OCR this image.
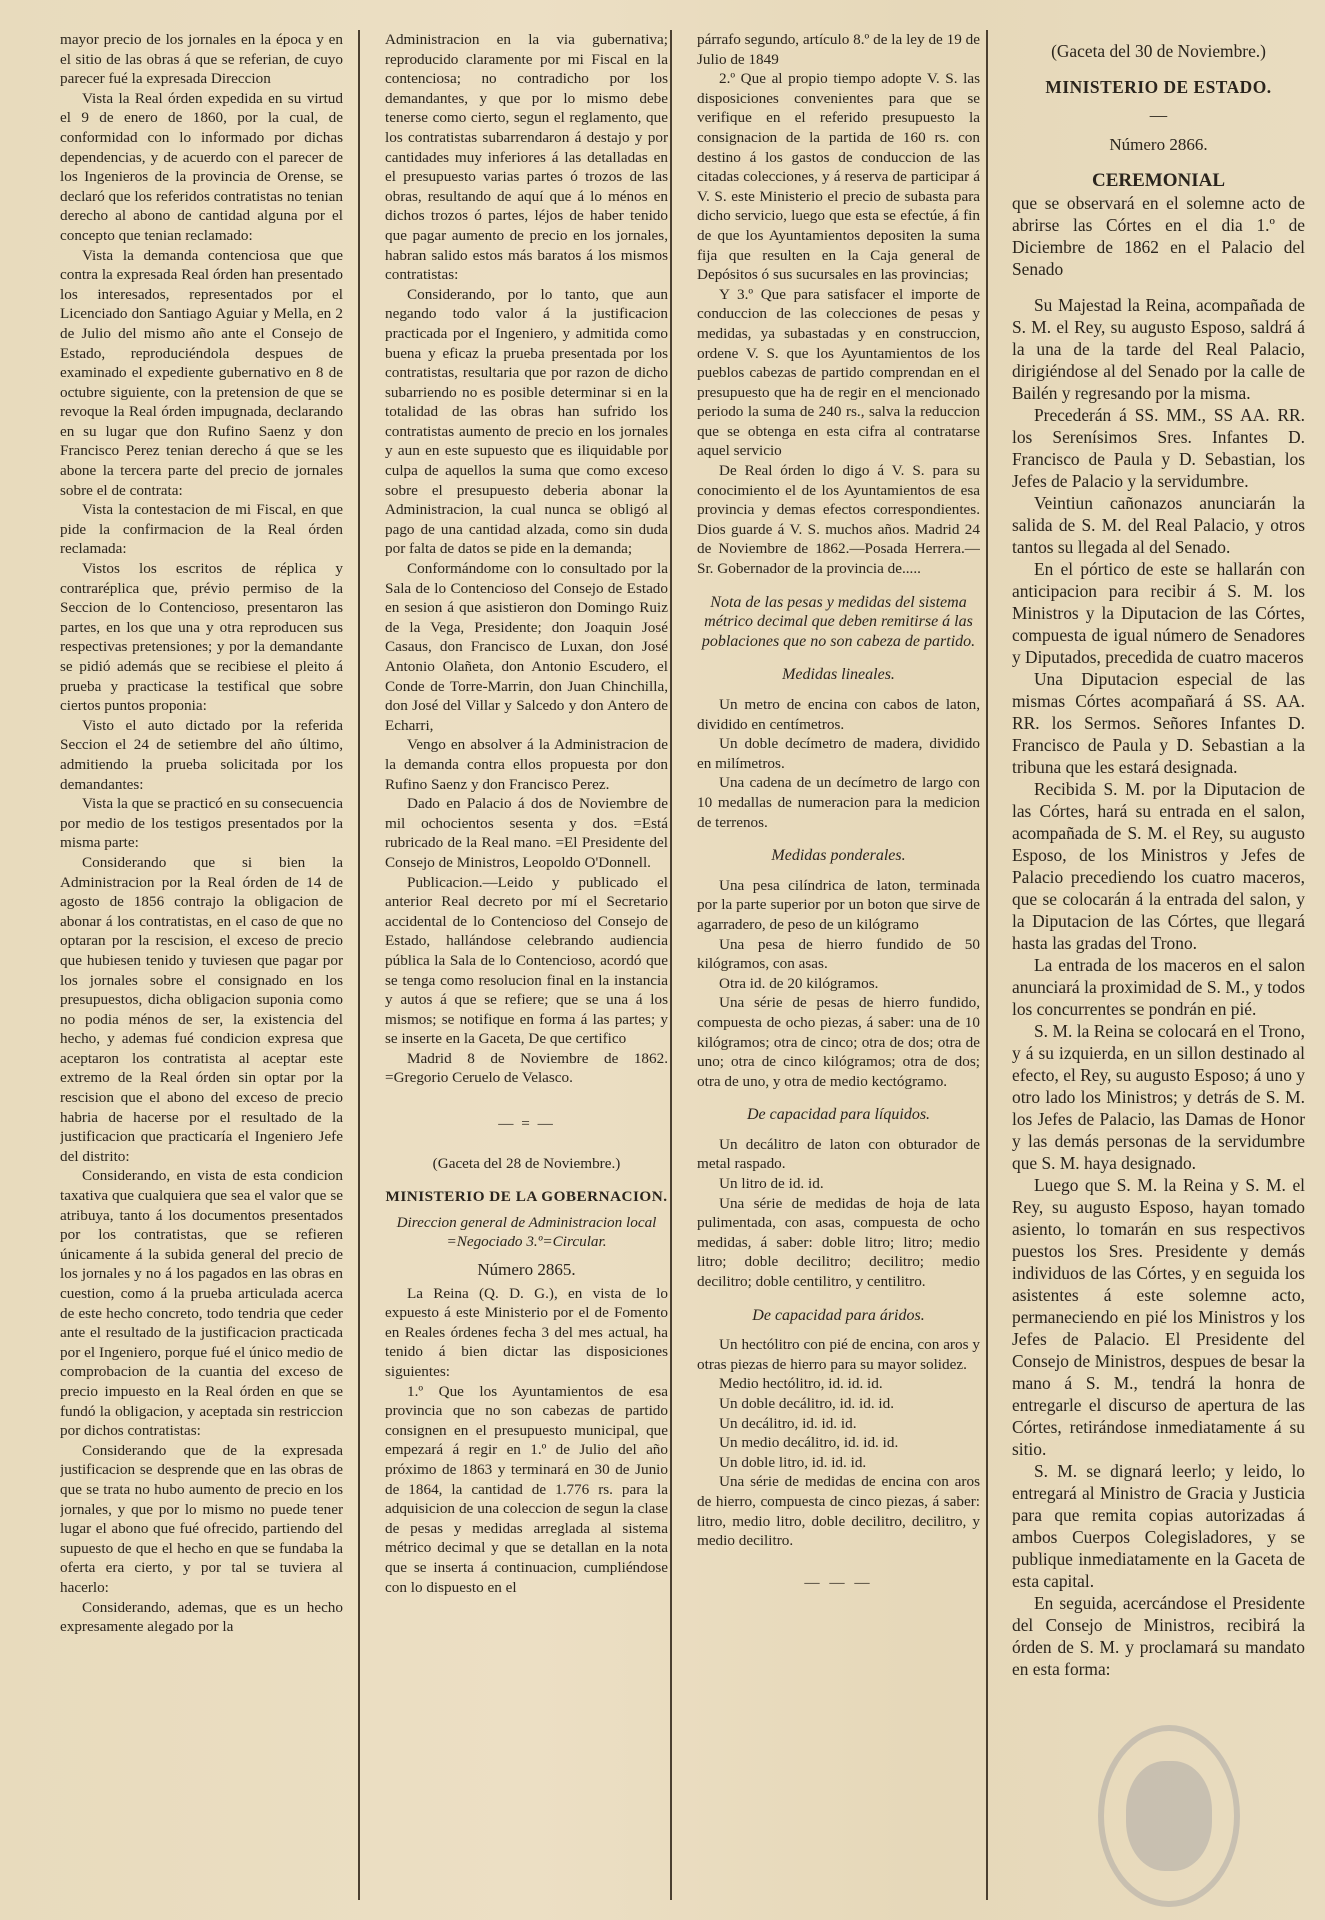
mayor precio de los jornales en la época y en el sitio de las obras á que se referian, de cuyo parecer fué la expresada Direccion

Vista la Real órden expedida en su virtud el 9 de enero de 1860, por la cual, de conformidad con lo informado por dichas dependencias, y de acuerdo con el parecer de los Ingenieros de la provincia de Orense, se declaró que los referidos contratistas no tenian derecho al abono de cantidad alguna por el concepto que tenian reclamado:

Vista la demanda contenciosa que que contra la expresada Real órden han presentado los interesados, representados por el Licenciado don Santiago Aguiar y Mella, en 2 de Julio del mismo año ante el Consejo de Estado, reproduciéndola despues de examinado el expediente gubernativo en 8 de octubre siguiente, con la pretension de que se revoque la Real órden impugnada, declarando en su lugar que don Rufino Saenz y don Francisco Perez tenian derecho á que se les abone la tercera parte del precio de jornales sobre el de contrata:

Vista la contestacion de mi Fiscal, en que pide la confirmacion de la Real órden reclamada:

Vistos los escritos de réplica y contraréplica que, prévio permiso de la Seccion de lo Contencioso, presentaron las partes, en los que una y otra reproducen sus respectivas pretensiones; y por la demandante se pidió además que se recibiese el pleito á prueba y practicase la testifical que sobre ciertos puntos proponia:

Visto el auto dictado por la referida Seccion el 24 de setiembre del año último, admitiendo la prueba solicitada por los demandantes:

Vista la que se practicó en su consecuencia por medio de los testigos presentados por la misma parte:

Considerando que si bien la Administracion por la Real órden de 14 de agosto de 1856 contrajo la obligacion de abonar á los contratistas, en el caso de que no optaran por la rescision, el exceso de precio que hubiesen tenido y tuviesen que pagar por los jornales sobre el consignado en los presupuestos, dicha obligacion suponia como no podia ménos de ser, la existencia del hecho, y ademas fué condicion expresa que aceptaron los contratista al aceptar este extremo de la Real órden sin optar por la rescision que el abono del exceso de precio habria de hacerse por el resultado de la justificacion que practicaría el Ingeniero Jefe del distrito:

Considerando, en vista de esta condicion taxativa que cualquiera que sea el valor que se atribuya, tanto á los documentos presentados por los contratistas, que se refieren únicamente á la subida general del precio de los jornales y no á los pagados en las obras en cuestion, como á la prueba articulada acerca de este hecho concreto, todo tendria que ceder ante el resultado de la justificacion practicada por el Ingeniero, porque fué el único medio de comprobacion de la cuantia del exceso de precio impuesto en la Real órden en que se fundó la obligacion, y aceptada sin restriccion por dichos contratistas:

Considerando que de la expresada justificacion se desprende que en las obras de que se trata no hubo aumento de precio en los jornales, y que por lo mismo no puede tener lugar el abono que fué ofrecido, partiendo del supuesto de que el hecho en que se fundaba la oferta era cierto, y por tal se tuviera al hacerlo:

Considerando, ademas, que es un hecho expresamente alegado por la

Administracion en la via gubernativa; reproducido claramente por mi Fiscal en la contenciosa; no contradicho por los demandantes, y que por lo mismo debe tenerse como cierto, segun el reglamento, que los contratistas subarrendaron á destajo y por cantidades muy inferiores á las detalladas en el presupuesto varias partes ó trozos de las obras, resultando de aquí que á lo ménos en dichos trozos ó partes, léjos de haber tenido que pagar aumento de precio en los jornales, habran salido estos más baratos á los mismos contratistas:

Considerando, por lo tanto, que aun negando todo valor á la justificacion practicada por el Ingeniero, y admitida como buena y eficaz la prueba presentada por los contratistas, resultaria que por razon de dicho subarriendo no es posible determinar si en la totalidad de las obras han sufrido los contratistas aumento de precio en los jornales y aun en este supuesto que es iliquidable por culpa de aquellos la suma que como exceso sobre el presupuesto deberia abonar la Administracion, la cual nunca se obligó al pago de una cantidad alzada, como sin duda por falta de datos se pide en la demanda;

Conformándome con lo consultado por la Sala de lo Contencioso del Consejo de Estado en sesion á que asistieron don Domingo Ruiz de la Vega, Presidente; don Joaquin José Casaus, don Francisco de Luxan, don José Antonio Olañeta, don Antonio Escudero, el Conde de Torre-Marrin, don Juan Chinchilla, don José del Villar y Salcedo y don Antero de Echarri,

Vengo en absolver á la Administracion de la demanda contra ellos propuesta por don Rufino Saenz y don Francisco Perez.

Dado en Palacio á dos de Noviembre de mil ochocientos sesenta y dos. =Está rubricado de la Real mano. =El Presidente del Consejo de Ministros, Leopoldo O'Donnell.

Publicacion.—Leido y publicado el anterior Real decreto por mí el Secretario accidental de lo Contencioso del Consejo de Estado, hallándose celebrando audiencia pública la Sala de lo Contencioso, acordó que se tenga como resolucion final en la instancia y autos á que se refiere; que se una á los mismos; se notifique en forma á las partes; y se inserte en la Gaceta, De que certifico

Madrid 8 de Noviembre de 1862. =Gregorio Ceruelo de Velasco.

— = —

(Gaceta del 28 de Noviembre.)

MINISTERIO DE LA GOBERNACION.

Direccion general de Administracion local =Negociado 3.º=Circular.

Número 2865.

La Reina (Q. D. G.), en vista de lo expuesto á este Ministerio por el de Fomento en Reales órdenes fecha 3 del mes actual, ha tenido á bien dictar las disposiciones siguientes:

1.º Que los Ayuntamientos de esa provincia que no son cabezas de partido consignen en el presupuesto municipal, que empezará á regir en 1.º de Julio del año próximo de 1863 y terminará en 30 de Junio de 1864, la cantidad de 1.776 rs. para la adquisicion de una coleccion de segun la clase de pesas y medidas arreglada al sistema métrico decimal y que se detallan en la nota que se inserta á continuacion, cumpliéndose con lo dispuesto en el

párrafo segundo, artículo 8.º de la ley de 19 de Julio de 1849

2.º Que al propio tiempo adopte V. S. las disposiciones convenientes para que se verifique en el referido presupuesto la consignacion de la partida de 160 rs. con destino á los gastos de conduccion de las citadas colecciones, y á reserva de participar á V. S. este Ministerio el precio de subasta para dicho servicio, luego que esta se efectúe, á fin de que los Ayuntamientos depositen la suma fija que resulten en la Caja general de Depósitos ó sus sucursales en las provincias;

Y 3.º Que para satisfacer el importe de conduccion de las colecciones de pesas y medidas, ya subastadas y en construccion, ordene V. S. que los Ayuntamientos de los pueblos cabezas de partido comprendan en el presupuesto que ha de regir en el mencionado periodo la suma de 240 rs., salva la reduccion que se obtenga en esta cifra al contratarse aquel servicio

De Real órden lo digo á V. S. para su conocimiento el de los Ayuntamientos de esa provincia y demas efectos correspondientes. Dios guarde á V. S. muchos años. Madrid 24 de Noviembre de 1862.—Posada Herrera.—Sr. Gobernador de la provincia de.....

Nota de las pesas y medidas del sistema métrico decimal que deben remitirse á las poblaciones que no son cabeza de partido.

Medidas lineales.

Un metro de encina con cabos de laton, dividido en centímetros.

Un doble decímetro de madera, dividido en milímetros.

Una cadena de un decímetro de largo con 10 medallas de numeracion para la medicion de terrenos.

Medidas ponderales.

Una pesa cilíndrica de laton, terminada por la parte superior por un boton que sirve de agarradero, de peso de un kilógramo

Una pesa de hierro fundido de 50 kilógramos, con asas.

Otra id. de 20 kilógramos.

Una série de pesas de hierro fundido, compuesta de ocho piezas, á saber: una de 10 kilógramos; otra de cinco; otra de dos; otra de uno; otra de cinco kilógramos; otra de dos; otra de uno, y otra de medio kectógramo.

De capacidad para líquidos.

Un decálitro de laton con obturador de metal raspado.

Un litro de id. id.

Una série de medidas de hoja de lata pulimentada, con asas, compuesta de ocho medidas, á saber: doble litro; litro; medio litro; doble decilitro; decilitro; medio decilitro; doble centilitro, y centilitro.

De capacidad para áridos.

Un hectólitro con pié de encina, con aros y otras piezas de hierro para su mayor solidez.

Medio hectólitro, id. id. id.

Un doble decálitro, id. id. id.

Un decálitro, id. id. id.

Un medio decálitro, id. id. id.

Un doble litro, id. id. id.

Una série de medidas de encina con aros de hierro, compuesta de cinco piezas, á saber: litro, medio litro, doble decilitro, decilitro, y medio decilitro.

— — —

(Gaceta del 30 de Noviembre.)

MINISTERIO DE ESTADO.

—

Número 2866.

CEREMONIAL

que se observará en el solemne acto de abrirse las Córtes en el dia 1.º de Diciembre de 1862 en el Palacio del Senado

Su Majestad la Reina, acompañada de S. M. el Rey, su augusto Esposo, saldrá á la una de la tarde del Real Palacio, dirigiéndose al del Senado por la calle de Bailén y regresando por la misma.

Precederán á SS. MM., SS AA. RR. los Serenísimos Sres. Infantes D. Francisco de Paula y D. Sebastian, los Jefes de Palacio y la servidumbre.

Veintiun cañonazos anunciarán la salida de S. M. del Real Palacio, y otros tantos su llegada al del Senado.

En el pórtico de este se hallarán con anticipacion para recibir á S. M. los Ministros y la Diputacion de las Córtes, compuesta de igual número de Senadores y Diputados, precedida de cuatro maceros

Una Diputacion especial de las mismas Córtes acompañará á SS. AA. RR. los Sermos. Señores Infantes D. Francisco de Paula y D. Sebastian a la tribuna que les estará designada.

Recibida S. M. por la Diputacion de las Córtes, hará su entrada en el salon, acompañada de S. M. el Rey, su augusto Esposo, de los Ministros y Jefes de Palacio precediendo los cuatro maceros, que se colocarán á la entrada del salon, y la Diputacion de las Córtes, que llegará hasta las gradas del Trono.

La entrada de los maceros en el salon anunciará la proximidad de S. M., y todos los concurrentes se pondrán en pié.

S. M. la Reina se colocará en el Trono, y á su izquierda, en un sillon destinado al efecto, el Rey, su augusto Esposo; á uno y otro lado los Ministros; y detrás de S. M. los Jefes de Palacio, las Damas de Honor y las demás personas de la servidumbre que S. M. haya designado.

Luego que S. M. la Reina y S. M. el Rey, su augusto Esposo, hayan tomado asiento, lo tomarán en sus respectivos puestos los Sres. Presidente y demás individuos de las Córtes, y en seguida los asistentes á este solemne acto, permaneciendo en pié los Ministros y los Jefes de Palacio. El Presidente del Consejo de Ministros, despues de besar la mano á S. M., tendrá la honra de entregarle el discurso de apertura de las Córtes, retirándose inmediatamente á su sitio.

S. M. se dignará leerlo; y leido, lo entregará al Ministro de Gracia y Justicia para que remita copias autorizadas á ambos Cuerpos Colegisladores, y se publique inmediatamente en la Gaceta de esta capital.

En seguida, acercándose el Presidente del Consejo de Ministros, recibirá la órden de S. M. y proclamará su mandato en esta forma:
